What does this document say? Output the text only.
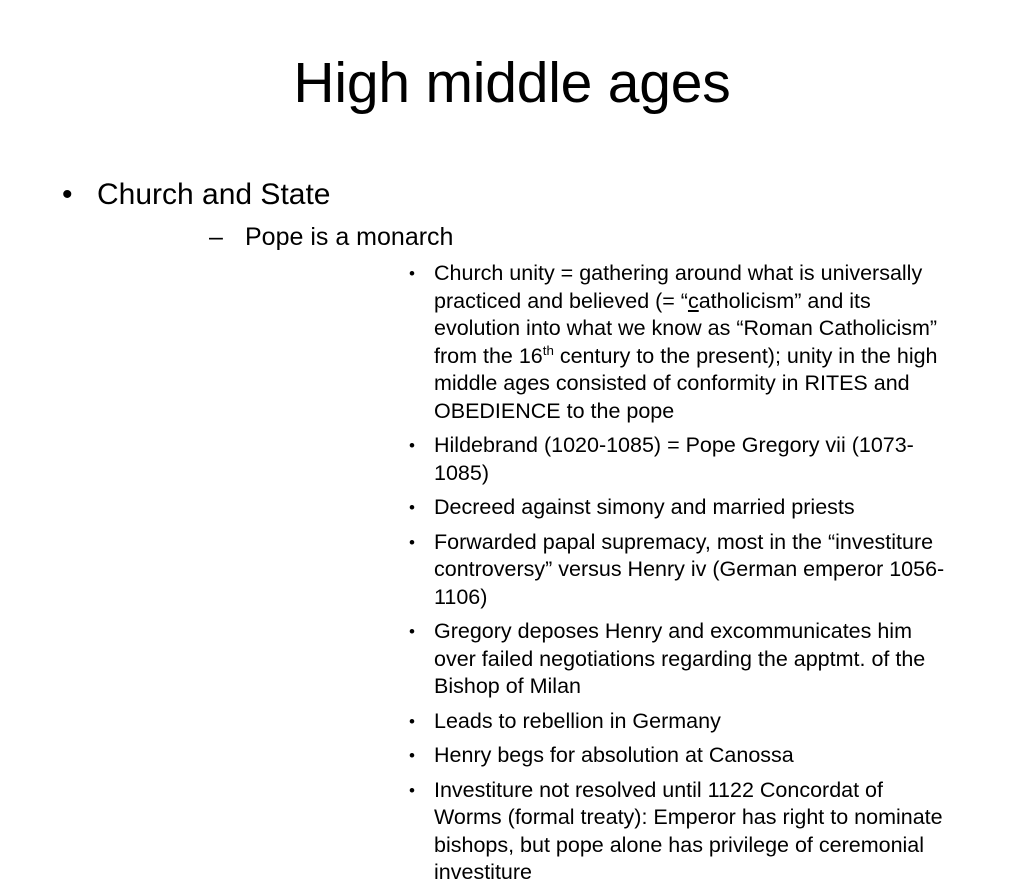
High middle ages
• Church and State
– Pope is a monarch
• Church unity = gathering around what is universally practiced and believed (= “catholicism” and its evolution into what we know as “Roman Catholicism” from the 16th century to the present); unity in the high middle ages consisted of conformity in RITES and OBEDIENCE to the pope
• Hildebrand (1020-1085) = Pope Gregory vii (1073-1085)
• Decreed against simony and married priests
• Forwarded papal supremacy, most in the “investiture controversy” versus Henry iv (German emperor 1056-1106)
• Gregory deposes Henry and excommunicates him over failed negotiations regarding the apptmt. of the Bishop of Milan
• Leads to rebellion in Germany
• Henry begs for absolution at Canossa
• Investiture not resolved until 1122 Concordat of Worms (formal treaty): Emperor has right to nominate bishops, but pope alone has privilege of ceremonial investiture
